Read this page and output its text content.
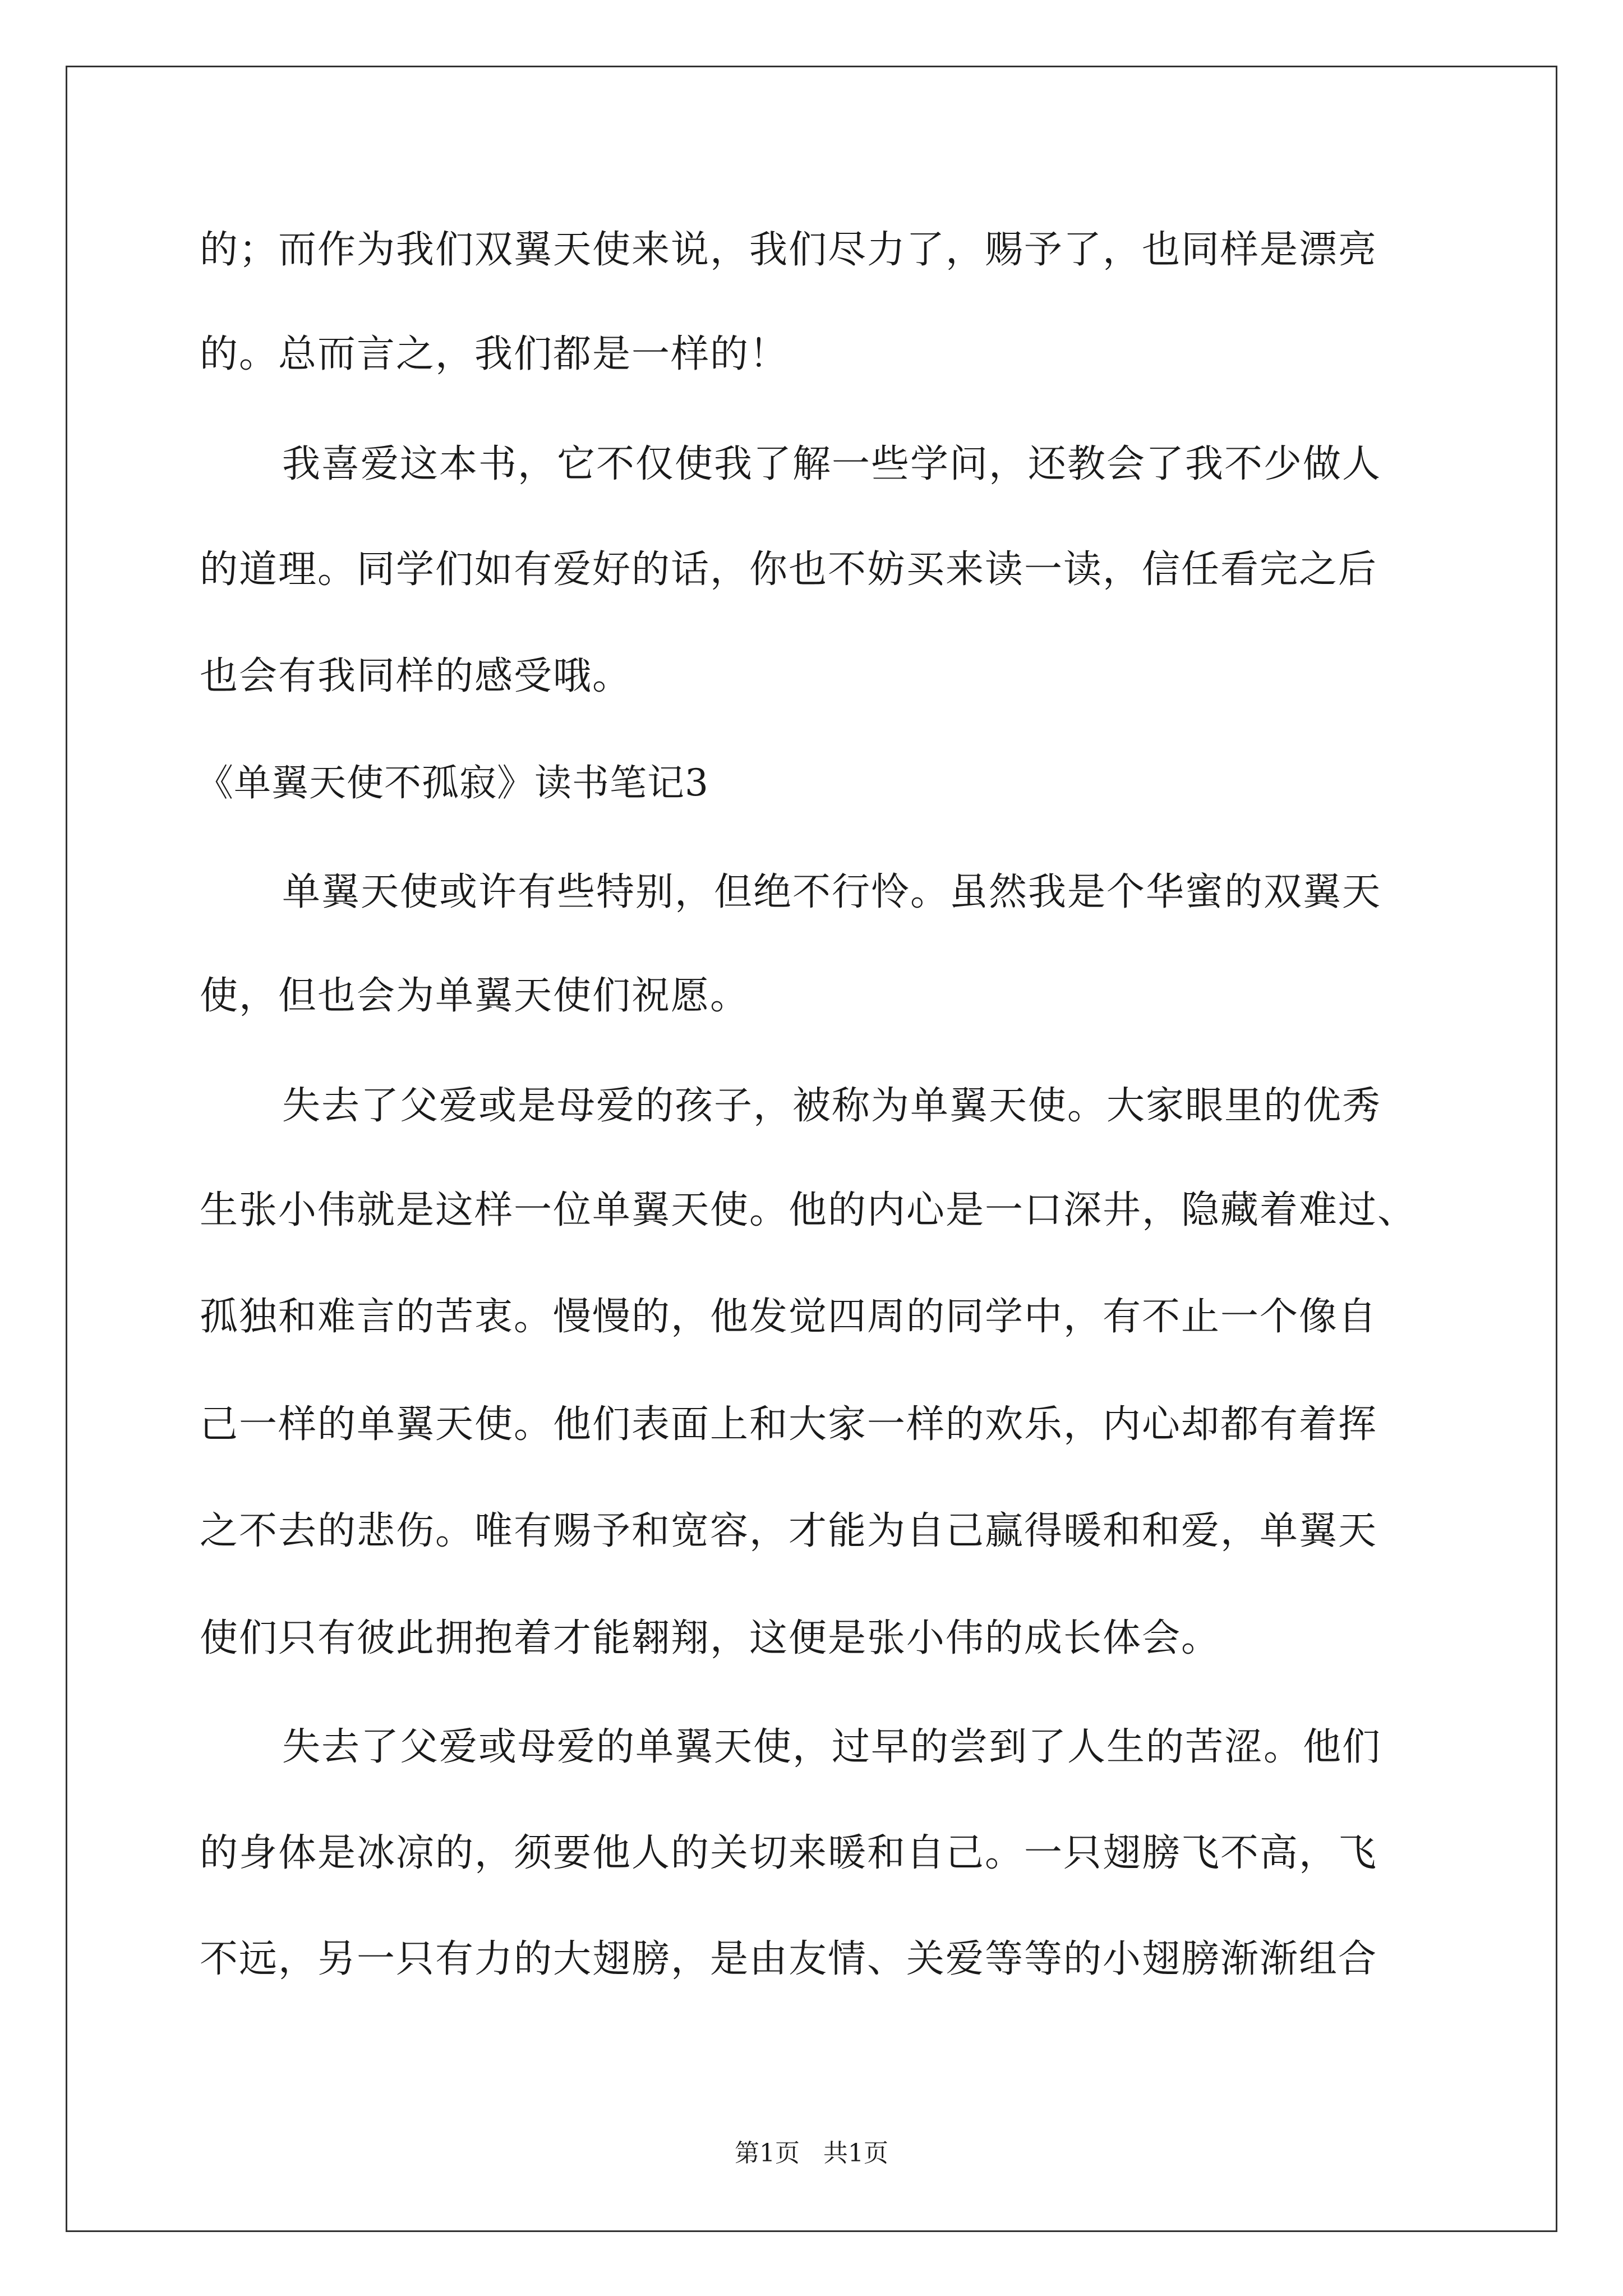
的；而作为我们双翼天使来说，我们尽力了，赐予了，也同样是漂亮
的。总而言之，我们都是一样的！
我喜爱这本书，它不仅使我了解一些学问，还教会了我不少做人
的道理。同学们如有爱好的话，你也不妨买来读一读，信任看完之后
也会有我同样的感受哦。
《单翼天使不孤寂》读书笔记3
单翼天使或许有些特别，但绝不行怜。虽然我是个华蜜的双翼天
使，但也会为单翼天使们祝愿。
失去了父爱或是母爱的孩子，被称为单翼天使。大家眼里的优秀
生张小伟就是这样一位单翼天使。他的内心是一口深井，隐藏着难过、
孤独和难言的苦衷。慢慢的，他发觉四周的同学中，有不止一个像自
己一样的单翼天使。他们表面上和大家一样的欢乐，内心却都有着挥
之不去的悲伤。唯有赐予和宽容，才能为自己赢得暖和和爱，单翼天
使们只有彼此拥抱着才能翱翔，这便是张小伟的成长体会。
失去了父爱或母爱的单翼天使，过早的尝到了人生的苦涩。他们
的身体是冰凉的，须要他人的关切来暖和自己。一只翅膀飞不高，飞
不远，另一只有力的大翅膀，是由友情、关爱等等的小翅膀渐渐组合
第1页   共1页
